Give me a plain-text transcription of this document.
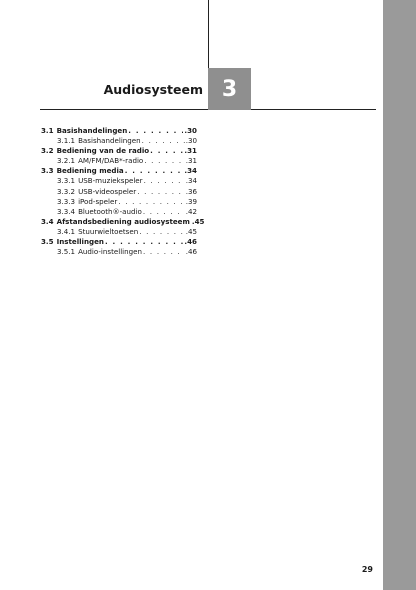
Audiosysteem 3
3.1 Basishandelingen . . .	.30
3.1.1 Basishandelingen . . .	.30
3.2 Bediening van de radio . . .	.31
3.2.1 AM/FM/DAB*-radio . . .	.31
3.3 Bediening media . . .	.34
3.3.1 USB-muziekspeler . . .	.34
3.3.2 USB-videospeler . . .	.36
3.3.3 iPod-speler . . .	.39
3.3.4 Bluetooth®-audio . . .	.42
3.4 Afstandsbediening audiosysteem .45
3.4.1 Stuurwieltoetsen . . .	.45
3.5 Instellingen . . .	.46
3.5.1 Audio-instellingen . . .	.46
29
